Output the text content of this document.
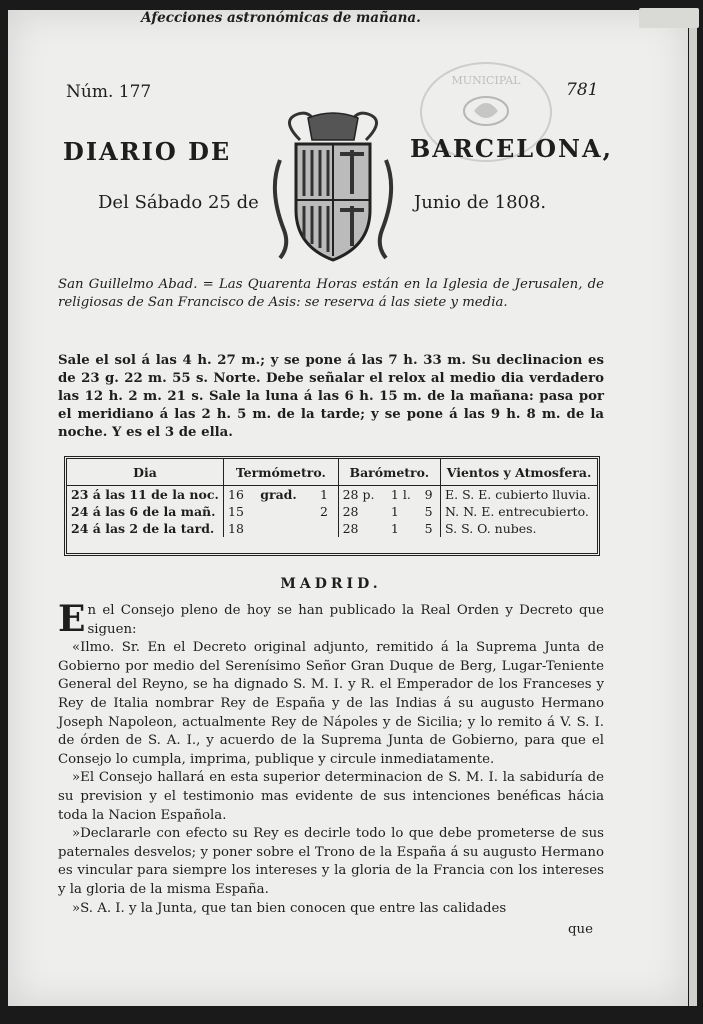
Núm. 177	781
MUNICIPAL
DIARIO DE	BARCELONA,
Del Sábado 25 de	Junio de 1808.
San Guillelmo Abad. = Las Quarenta Horas están en la Iglesia de Jerusalen, de religiosas de San Francisco de Asis: se reserva á las siete y media.
Afecciones astronómicas de mañana.
Sale el sol á las 4 h. 27 m.; y se pone á las 7 h. 33 m. Su declinacion es de 23 g. 22 m. 55 s. Norte. Debe señalar el relox al medio dia verdadero las 12 h. 2 m. 21 s. Sale la luna á las 6 h. 15 m. de la mañana: pasa por el meridiano á las 2 h. 5 m. de la tarde; y se pone á las 9 h. 8 m. de la noche. Y es el 3 de ella.
Dia	Termómetro.			Barómetro.			Vientos y Atmosfera.
23 á las 11 de la noc.	16	grad.	1	28 p.	1 l.	9	E. S. E. cubierto lluvia.
24 á las 6 de la mañ.	15		2	28	1	5	N. N. E. entrecubierto.
24 á las 2 de la tard.	18			28	1	5	S. S. O. nubes.
MADRID.

En el Consejo pleno de hoy se han publicado la Real Orden y Decreto que siguen:

«Ilmo. Sr. En el Decreto original adjunto, remitido á la Suprema Junta de Gobierno por medio del Serenísimo Señor Gran Duque de Berg, Lugar-Teniente General del Reyno, se ha dignado S. M. I. y R. el Emperador de los Franceses y Rey de Italia nombrar Rey de España y de las Indias á su augusto Hermano Joseph Napoleon, actualmente Rey de Nápoles y de Sicilia; y lo remito á V. S. I. de órden de S. A. I., y acuerdo de la Suprema Junta de Gobierno, para que el Consejo lo cumpla, imprima, publique y circule inmediatamente.

»El Consejo hallará en esta superior determinacion de S. M. I. la sabiduría de su prevision y el testimonio mas evidente de sus intenciones benéficas hácia toda la Nacion Española.

»Declararle con efecto su Rey es decirle todo lo que debe prometerse de sus paternales desvelos; y poner sobre el Trono de la España á su augusto Hermano es vincular para siempre los intereses y la gloria de la Francia con los intereses y la gloria de la misma España.

»S. A. I. y la Junta, que tan bien conocen que entre las calidades

que
